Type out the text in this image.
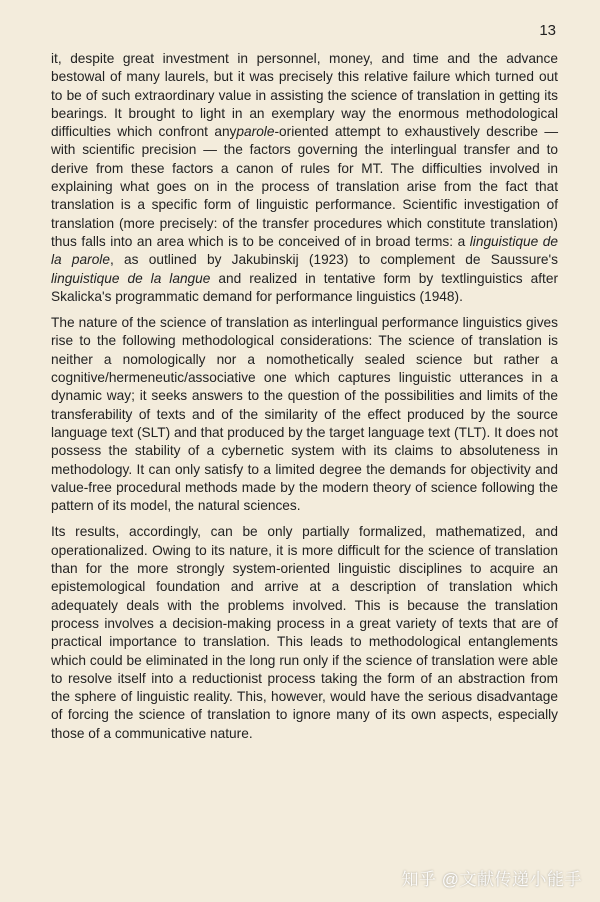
13

it, despite great investment in personnel, money, and time and the advance bestowal of many laurels, but it was precisely this relative failure which turned out to be of such extraordinary value in assisting the science of translation in getting its bearings. It brought to light in an exemplary way the enormous methodological difficulties which confront anyparole-oriented attempt to exhaustively describe — with scientific precision — the factors governing the interlingual transfer and to derive from these factors a canon of rules for MT. The difficulties involved in explaining what goes on in the process of translation arise from the fact that translation is a specific form of linguistic performance. Scientific investigation of translation (more precisely: of the transfer procedures which constitute translation) thus falls into an area which is to be conceived of in broad terms: a linguistique de la parole, as outlined by Jakubinskij (1923) to complement de Saussure's linguistique de la langue and realized in tentative form by textlinguistics after Skalicka's programmatic demand for performance linguistics (1948).

The nature of the science of translation as interlingual performance linguistics gives rise to the following methodological considerations: The science of translation is neither a nomologically nor a nomothetically sealed science but rather a cognitive/hermeneutic/associative one which captures linguistic utterances in a dynamic way; it seeks answers to the question of the possibilities and limits of the transferability of texts and of the similarity of the effect produced by the source language text (SLT) and that produced by the target language text (TLT). It does not possess the stability of a cybernetic system with its claims to absoluteness in methodology. It can only satisfy to a limited degree the demands for objectivity and value-free procedural methods made by the modern theory of science following the pattern of its model, the natural sciences.

Its results, accordingly, can be only partially formalized, mathematized, and operationalized. Owing to its nature, it is more difficult for the science of translation than for the more strongly system-oriented linguistic disciplines to acquire an epistemological foundation and arrive at a description of translation which adequately deals with the problems involved. This is because the translation process involves a decision-making process in a great variety of texts that are of practical importance to translation. This leads to methodological entanglements which could be eliminated in the long run only if the science of translation were able to resolve itself into a reductionist process taking the form of an abstraction from the sphere of linguistic reality. This, however, would have the serious disadvantage of forcing the science of translation to ignore many of its own aspects, especially those of a communicative nature.

知乎 @文献传递小能手
